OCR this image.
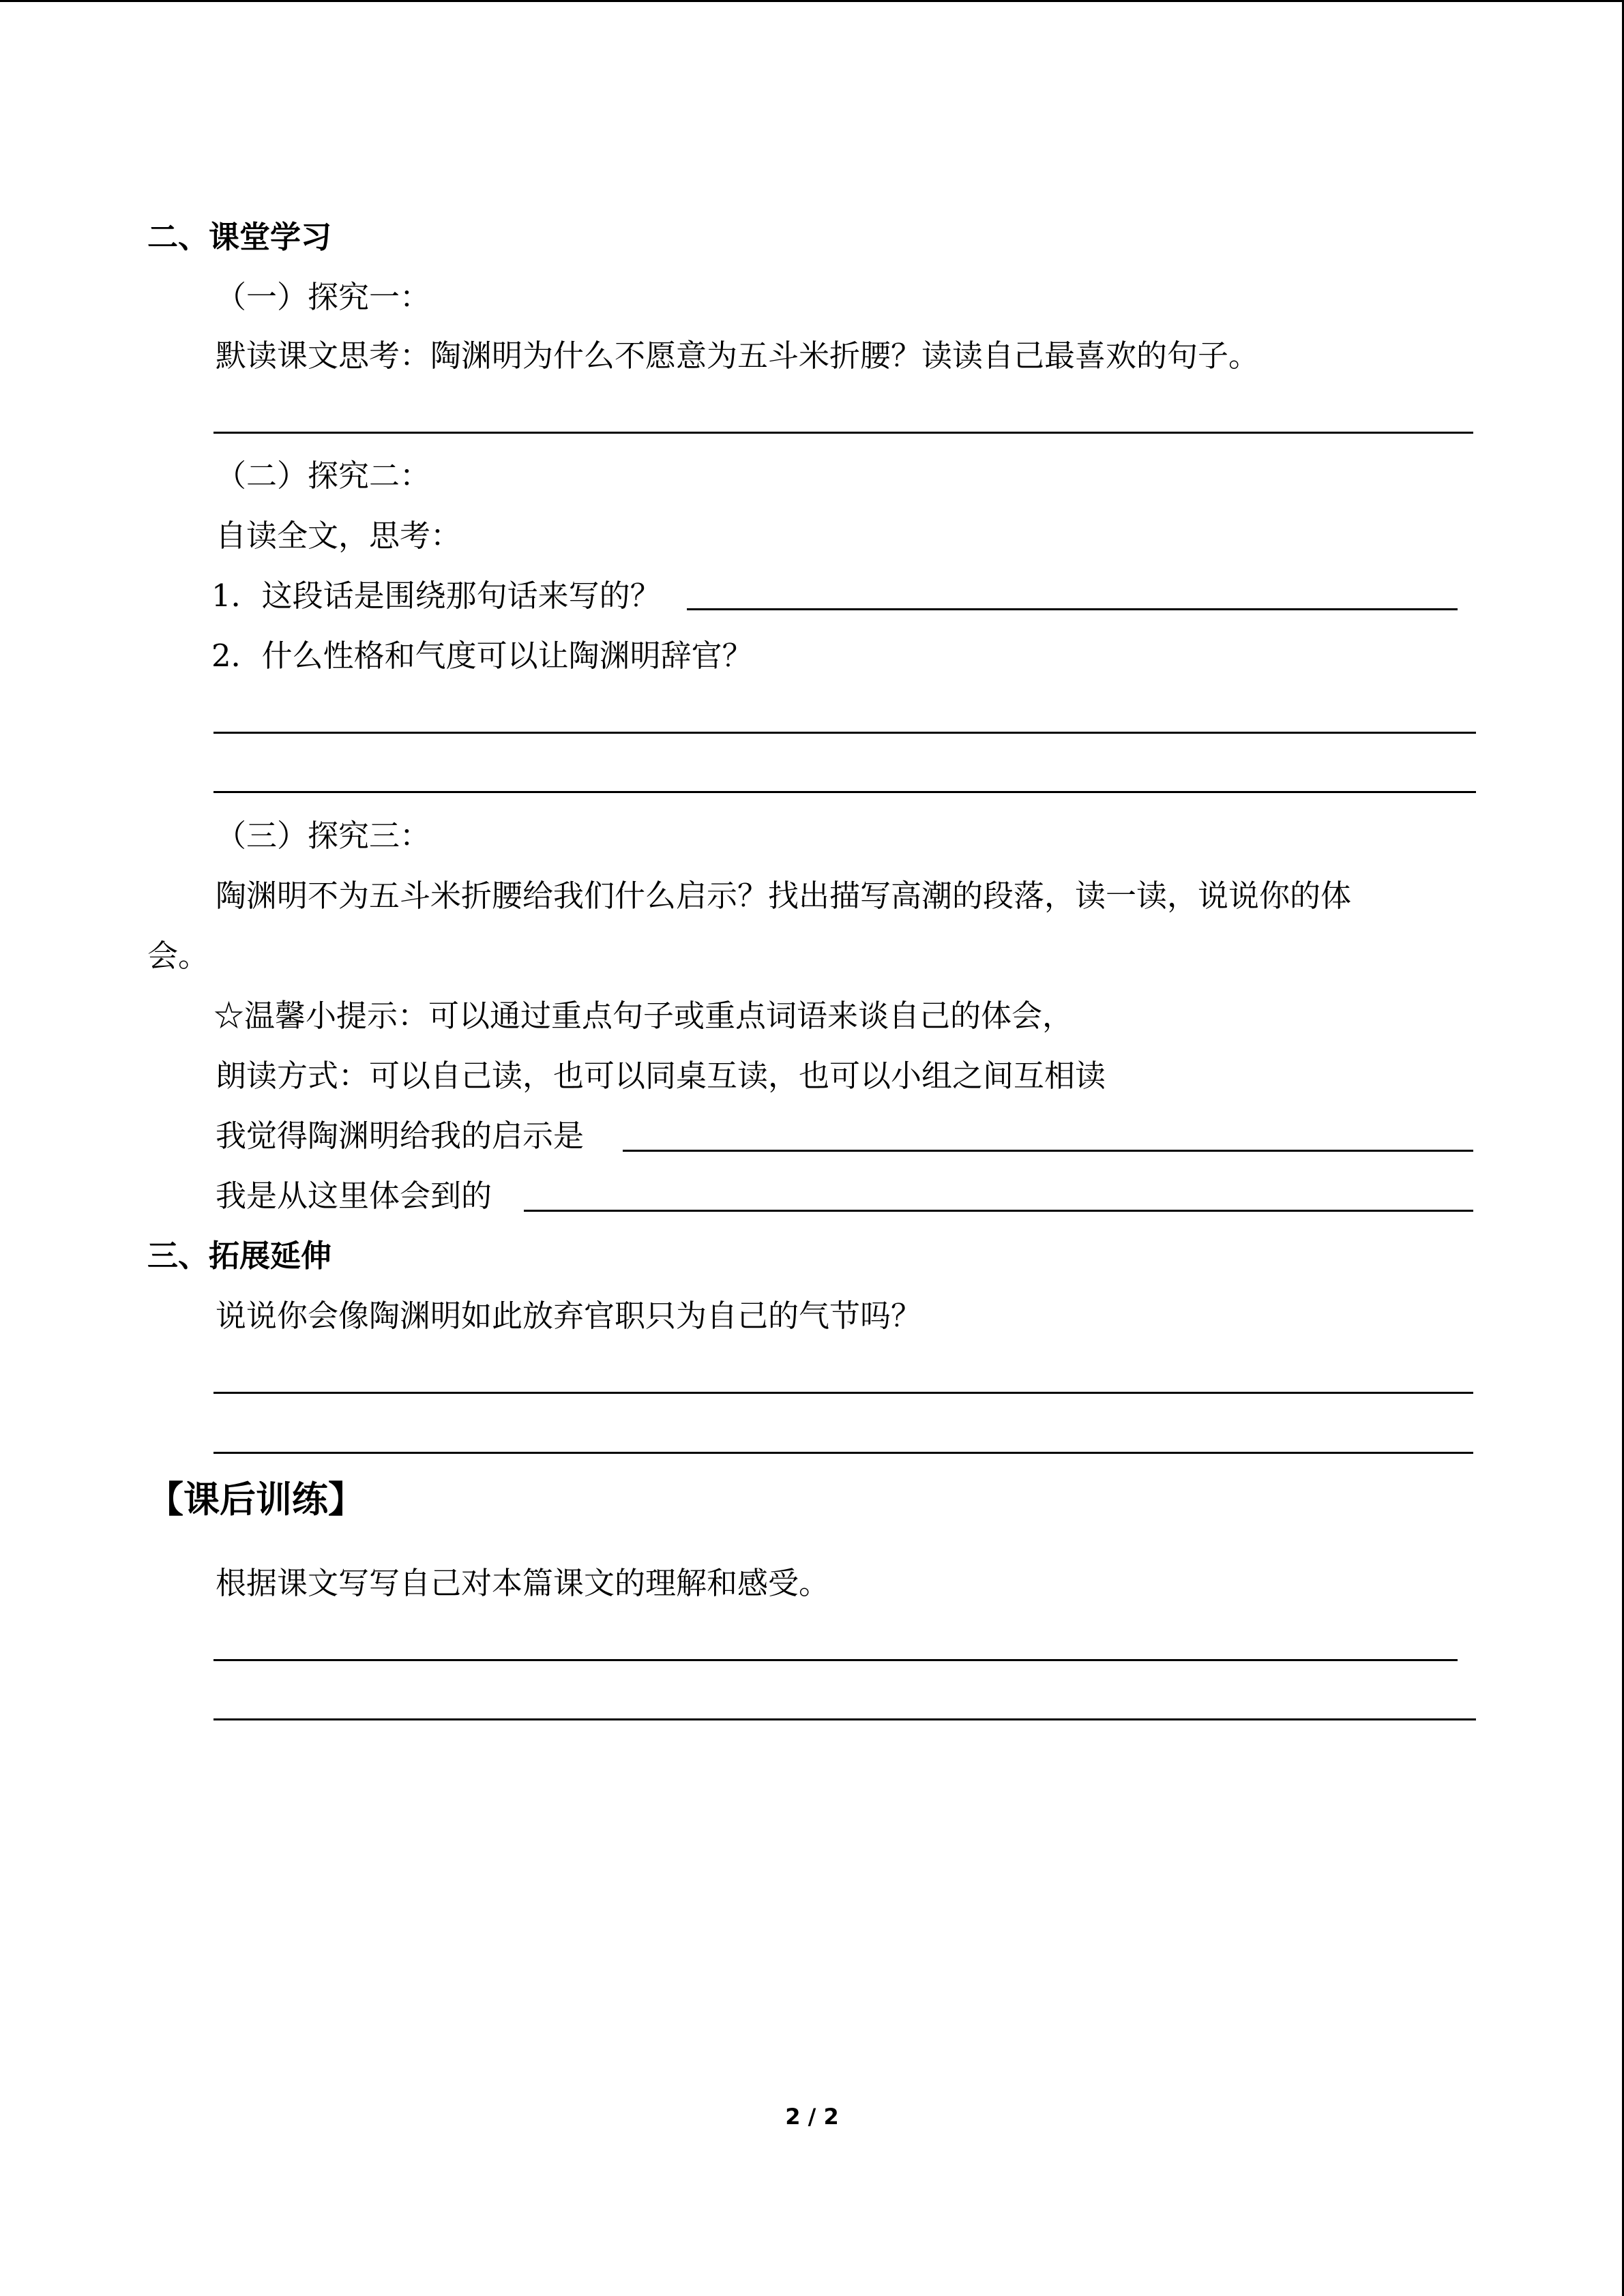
二、课堂学习
（一）探究一：
默读课文思考：陶渊明为什么不愿意为五斗米折腰？读读自己最喜欢的句子。
（二）探究二：
自读全文，思考：
1．这段话是围绕那句话来写的？
2．什么性格和气度可以让陶渊明辞官？
（三）探究三：
陶渊明不为五斗米折腰给我们什么启示？找出描写高潮的段落，读一读，说说你的体
会。
☆温馨小提示：可以通过重点句子或重点词语来谈自己的体会，
朗读方式：可以自己读，也可以同桌互读，也可以小组之间互相读
我觉得陶渊明给我的启示是
我是从这里体会到的
三、拓展延伸
说说你会像陶渊明如此放弃官职只为自己的气节吗？
【课后训练】
根据课文写写自己对本篇课文的理解和感受。
2 / 2
